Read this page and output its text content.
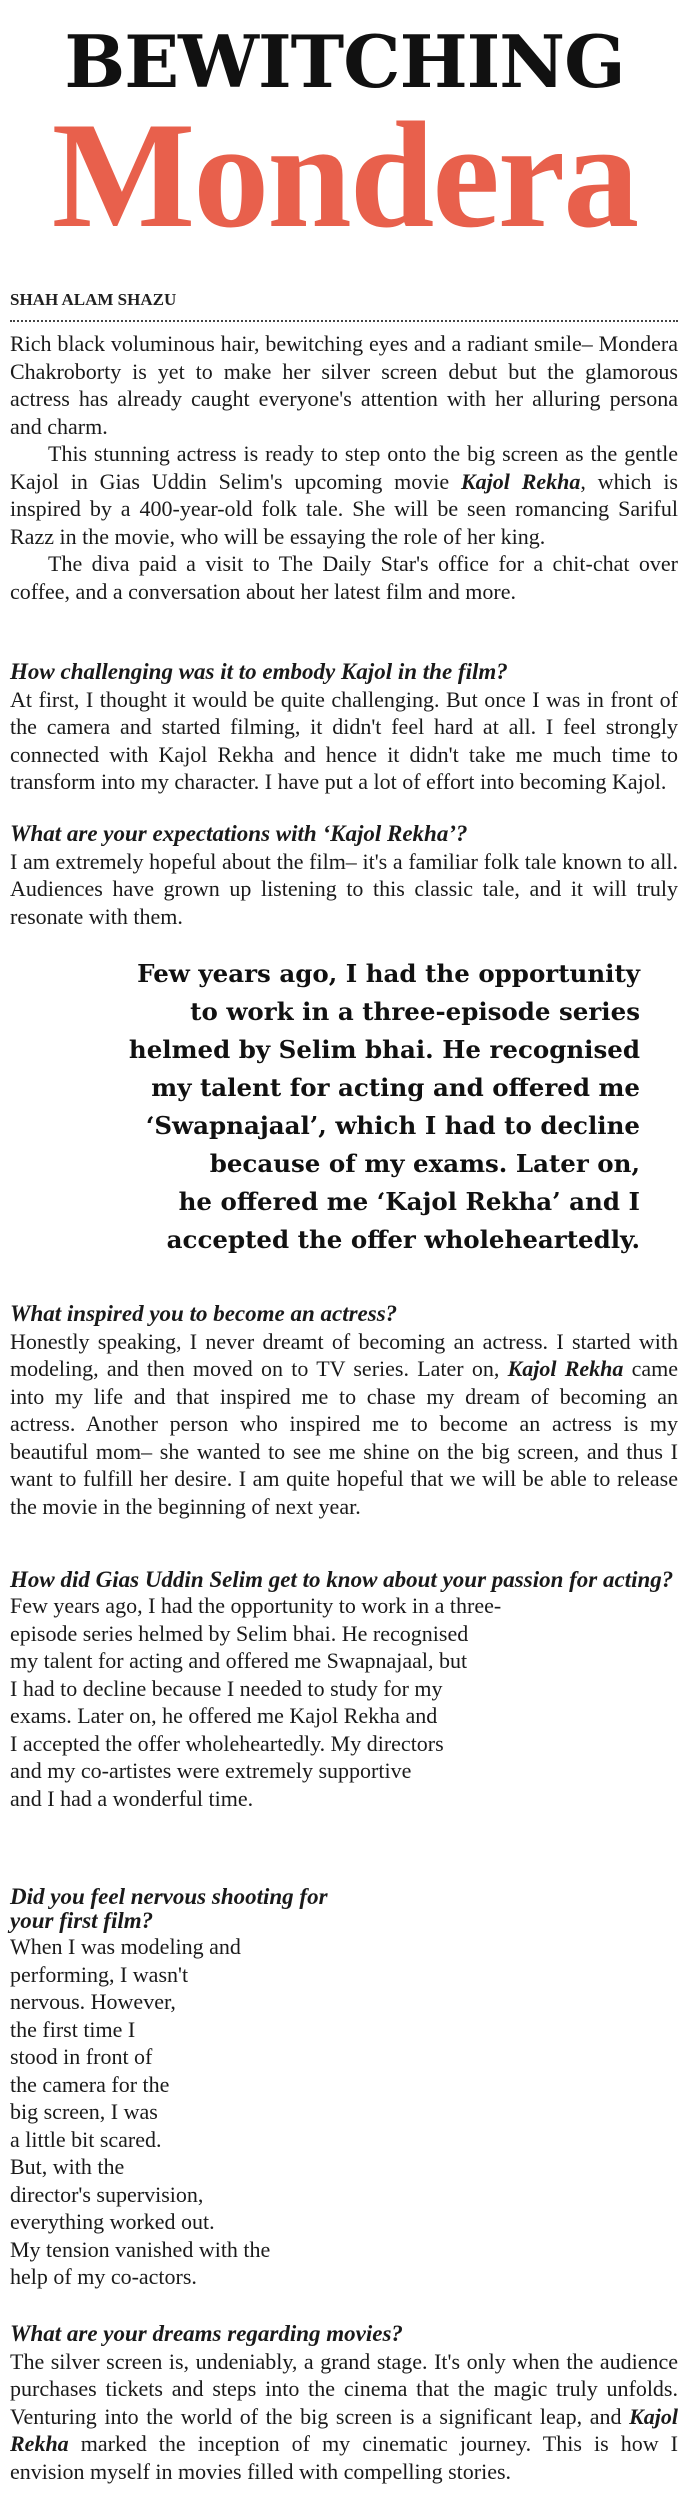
BEWITCHING
Mondera

SHAH ALAM SHAZU

Rich black voluminous hair, bewitching eyes and a radiant smile– Mondera Chakroborty is yet to make her silver screen debut but the glamorous actress has already caught everyone's attention with her alluring persona and charm.

This stunning actress is ready to step onto the big screen as the gentle Kajol in Gias Uddin Selim's upcoming movie Kajol Rekha, which is inspired by a 400-year-old folk tale. She will be seen romancing Sariful Razz in the movie, who will be essaying the role of her king.

The diva paid a visit to The Daily Star's office for a chit-chat over coffee, and a conversation about her latest film and more.

How challenging was it to embody Kajol in the film?

At first, I thought it would be quite challenging. But once I was in front of the camera and started filming, it didn't feel hard at all. I feel strongly connected with Kajol Rekha and hence it didn't take me much time to transform into my character. I have put a lot of effort into becoming Kajol.

What are your expectations with ‘Kajol Rekha’?

I am extremely hopeful about the film– it's a familiar folk tale known to all. Audiences have grown up listening to this classic tale, and it will truly resonate with them.

Few years ago, I had the opportunity
to work in a three-episode series
helmed by Selim bhai. He recognised
my talent for acting and offered me
‘Swapnajaal’, which I had to decline
because of my exams. Later on,
he offered me ‘Kajol Rekha’ and I
accepted the offer wholeheartedly.

What inspired you to become an actress?

Honestly speaking, I never dreamt of becoming an actress. I started with modeling, and then moved on to TV series. Later on, Kajol Rekha came into my life and that inspired me to chase my dream of becoming an actress. Another person who inspired me to become an actress is my beautiful mom– she wanted to see me shine on the big screen, and thus I want to fulfill her desire. I am quite hopeful that we will be able to release the movie in the beginning of next year.

How did Gias Uddin Selim get to know about your passion for acting?

Few years ago, I had the opportunity to work in a three-
episode series helmed by Selim bhai. He recognised
my talent for acting and offered me Swapnajaal, but
I had to decline because I needed to study for my
exams. Later on, he offered me Kajol Rekha and
I accepted the offer wholeheartedly. My directors
and my co-artistes were extremely supportive
and I had a wonderful time.

Did you feel nervous shooting for
your first film?

When I was modeling and
performing, I wasn't
nervous. However,
the first time I
stood in front of
the camera for the
big screen, I was
a little bit scared.
But, with the
director's supervision,
everything worked out.
My tension vanished with the
help of my co-actors.

What are your dreams regarding movies?

The silver screen is, undeniably, a grand stage. It's only when the audience purchases tickets and steps into the cinema that the magic truly unfolds. Venturing into the world of the big screen is a significant leap, and Kajol Rekha marked the inception of my cinematic journey. This is how I envision myself in movies filled with compelling stories.
